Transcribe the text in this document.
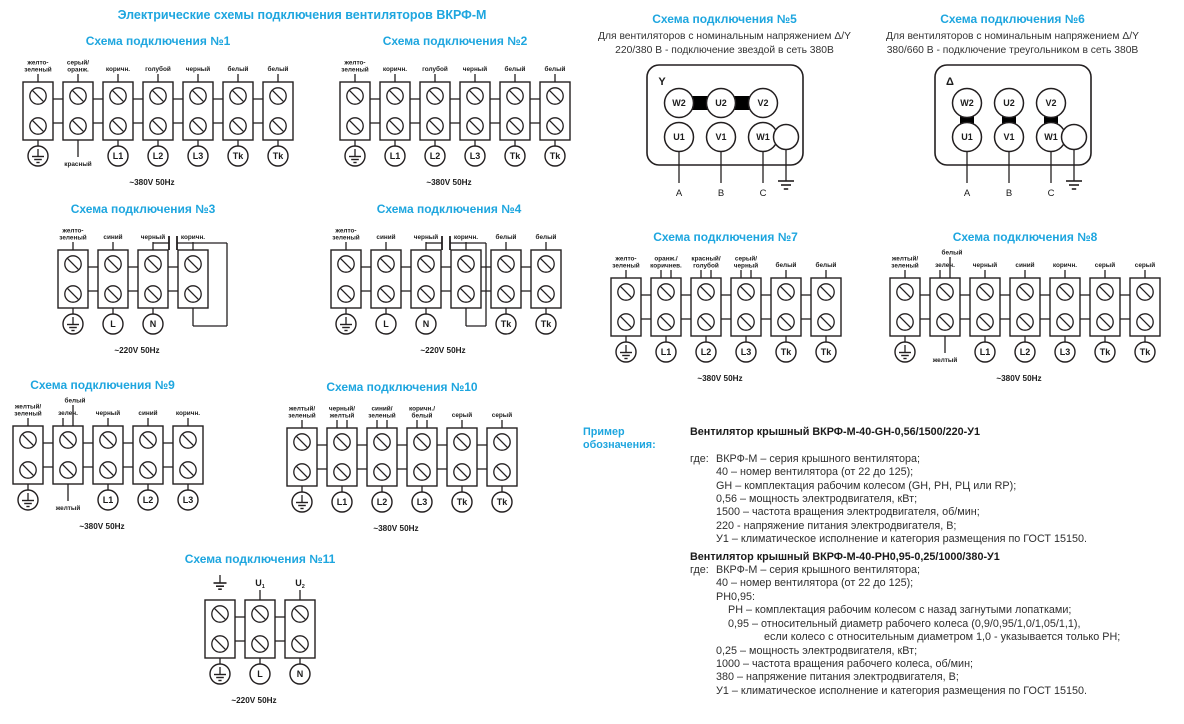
Электрические схемы подключения вентиляторов ВКРФ-М
Схема подключения №1
желто-зеленый
серый/ оранж.
красный
коричн.
L1
голубой
L2
черный
L3
белый
Tk
белый
Tk
~380V 50Hz
Схема подключения №2
желто-зеленый коричн.
L1
голубой
L2
черный
L3
белый
Tk
белый
Tk
~380V 50Hz
Схема подключения №3
желто-зеленый	синий
L
черный
N
коричн.
~220V 50Hz
Схема подключения №4
желто-зеленый	синий
L
черный
N
коричн.	белый
Tk
белый
Tk
~220V 50Hz
Схема подключения №5

Для вентиляторов с номинальным напряжением Δ/Y 220/380 В - подключение звездой в сеть 380В

Y
W2	U2	V2
U1
A
V1
B
W1
C
Схема подключения №6

Для вентиляторов с номинальным напряжением Δ/Y 380/660 В - подключение треугольником в сеть 380В

Δ
W2	U2	V2
U1
A
V1
B
W1
C
Схема подключения №7
желто-зеленый
оранж./ коричнев.
L1
красный/ голубой
L2
серый/ черный
L3
белый
Tk
белый
Tk
~380V 50Hz
Схема подключения №8
желтый/ зеленый	зелен.
белый
желтый
черный
L1
синий
L2
коричн.
L3
серый
Tk
серый
Tk
~380V 50Hz
Схема подключения №9
желтый/ зеленый	зелен.
белый
желтый
черный
L1
синий
L2
коричн.
L3
~380V 50Hz
Схема подключения №10
желтый/ зеленый
черный/ желтый
L1
синий/ зеленый
L2
коричн./ белый
L3
серый
Tk
серый
Tk
~380V 50Hz
Схема подключения №11
$U_1$
L
$U_2$
N
~220V 50Hz
Пример обозначения:
Вентилятор крышный ВКРФ-М-40-GH-0,56/1500/220-У1
где: ВКРФ-М – серия крышного вентилятора;
40 – номер вентилятора (от 22 до 125);
GH – комплектация рабочим колесом (GH, РН, РЦ или RP);
0,56 – мощность электродвигателя, кВт;
1500 – частота вращения электродвигателя, об/мин;
220 - напряжение питания электродвигателя, В;
У1 – климатическое исполнение и категория размещения по ГОСТ 15150.
Вентилятор крышный ВКРФ-М-40-РН0,95-0,25/1000/380-У1
где: ВКРФ-М – серия крышного вентилятора;
40 – номер вентилятора (от 22 до 125);
РН0,95:
РН – комплектация рабочим колесом с назад загнутыми лопатками;
0,95 – относительный диаметр рабочего колеса (0,9/0,95/1,0/1,05/1,1),
если колесо с относительным диаметром 1,0 - указывается только РН;
0,25 – мощность электродвигателя, кВт;
1000 – частота вращения рабочего колеса, об/мин;
380 – напряжение питания электродвигателя, В;
У1 – климатическое исполнение и категория размещения по ГОСТ 15150.
